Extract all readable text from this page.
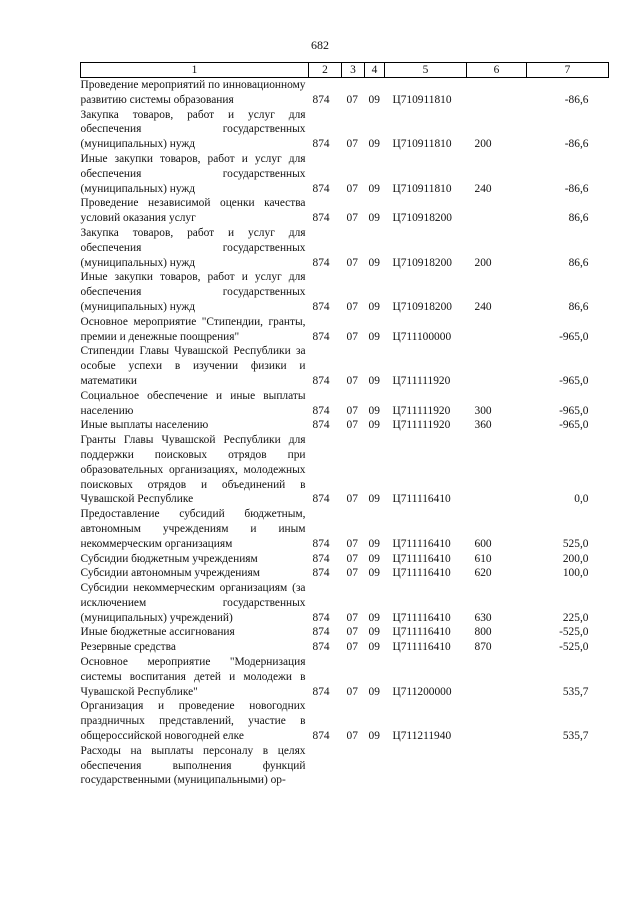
682
1	2	3	4	5	6	7
Проведение мероприятий по инновационному развитию системы образования	874	07	09	Ц710911810		-86,6
Закупка товаров, работ и услуг для обеспечения государственных (муниципальных) нужд	874	07	09	Ц710911810	200	-86,6
Иные закупки товаров, работ и услуг для обеспечения государственных (муниципальных) нужд	874	07	09	Ц710911810	240	-86,6
Проведение независимой оценки качества условий оказания услуг	874	07	09	Ц710918200		86,6
Закупка товаров, работ и услуг для обеспечения государственных (муниципальных) нужд	874	07	09	Ц710918200	200	86,6
Иные закупки товаров, работ и услуг для обеспечения государственных (муниципальных) нужд	874	07	09	Ц710918200	240	86,6
Основное мероприятие "Стипендии, гранты, премии и денежные поощрения"	874	07	09	Ц711100000		-965,0
Стипендии Главы Чувашской Республики за особые успехи в изучении физики и математики	874	07	09	Ц711111920		-965,0
Социальное обеспечение и иные выплаты населению	874	07	09	Ц711111920	300	-965,0
Иные выплаты населению	874	07	09	Ц711111920	360	-965,0
Гранты Главы Чувашской Республики для поддержки поисковых отрядов при образовательных организациях, молодежных поисковых отрядов и объединений в Чувашской Республике	874	07	09	Ц711116410		0,0
Предоставление субсидий бюджетным, автономным учреждениям и иным некоммерческим организациям	874	07	09	Ц711116410	600	525,0
Субсидии бюджетным учреждениям	874	07	09	Ц711116410	610	200,0
Субсидии автономным учреждениям	874	07	09	Ц711116410	620	100,0
Субсидии некоммерческим организациям (за исключением государственных (муниципальных) учреждений)	874	07	09	Ц711116410	630	225,0
Иные бюджетные ассигнования	874	07	09	Ц711116410	800	-525,0
Резервные средства	874	07	09	Ц711116410	870	-525,0
Основное мероприятие "Модернизация системы воспитания детей и молодежи в Чувашской Республике"	874	07	09	Ц711200000		535,7
Организация и проведение новогодних праздничных представлений, участие в общероссийской новогодней елке	874	07	09	Ц711211940		535,7
Расходы на выплаты персоналу в целях обеспечения выполнения функций государственными (муниципальными) ор-						
